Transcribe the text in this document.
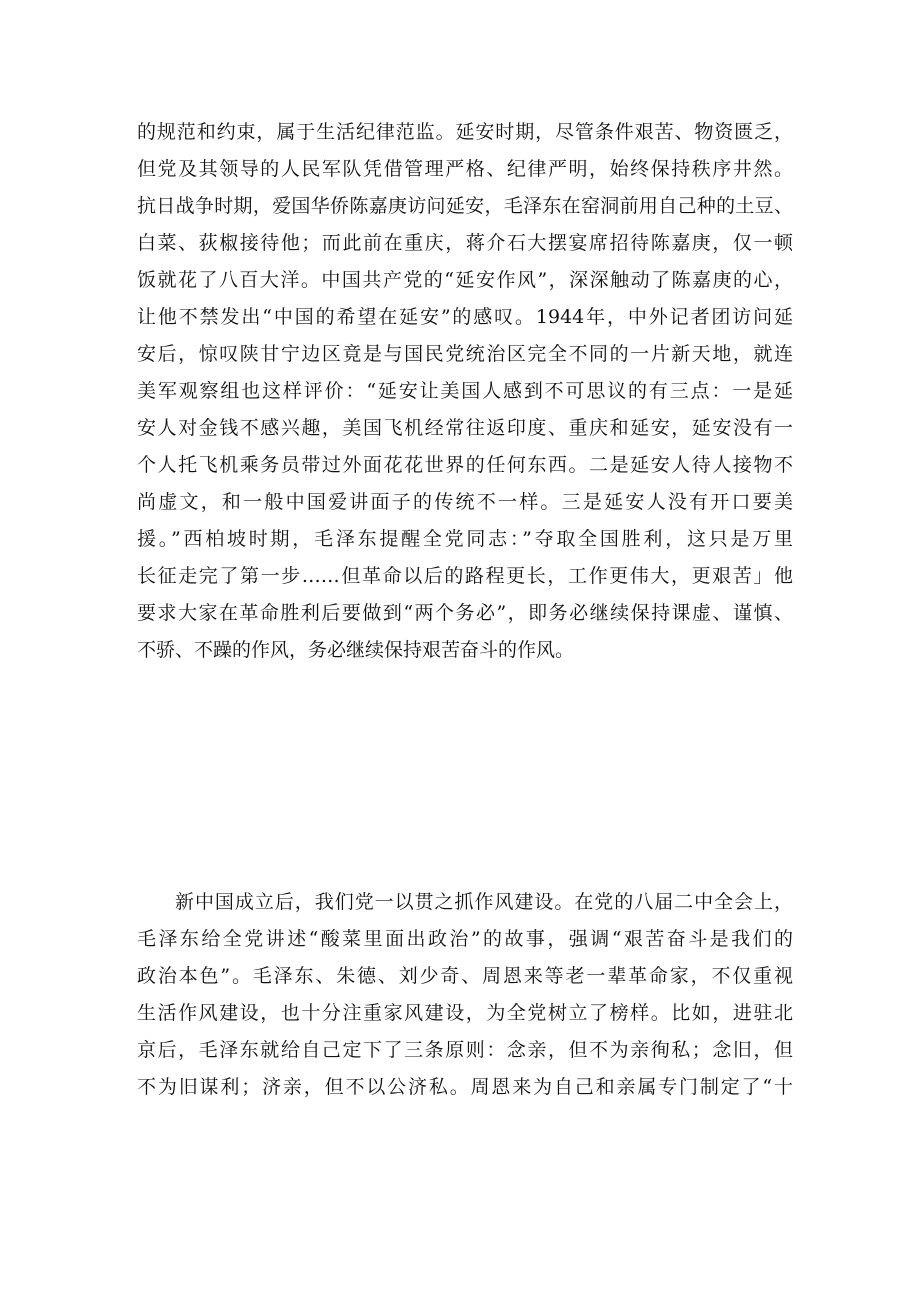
的规范和约束，属于生活纪律范监。延安时期，尽管条件艰苦、物资匮乏，
但党及其领导的人民军队凭借管理严格、纪律严明，始终保持秩序井然。
抗日战争时期，爱国华侨陈嘉庚访问延安，毛泽东在窑洞前用自己种的土豆、
白菜、荻椒接待他；而此前在重庆，蒋介石大摆宴席招待陈嘉庚，仅一顿
饭就花了八百大洋。中国共产党的“延安作风”，深深触动了陈嘉庚的心，
让他不禁发出“中国的希望在延安”的感叹。1944年，中外记者团访问延
安后，惊叹陕甘宁边区竟是与国民党统治区完全不同的一片新天地，就连
美军观察组也这样评价：“延安让美国人感到不可思议的有三点：一是延
安人对金钱不感兴趣，美国飞机经常往返印度、重庆和延安，延安没有一
个人托飞机乘务员带过外面花花世界的任何东西。二是延安人待人接物不
尚虚文，和一般中国爱讲面子的传统不一样。三是延安人没有开口要美
援。”西柏坡时期，毛泽东提醒全党同志：”夺取全国胜利，这只是万里
长征走完了第一步……但革命以后的路程更长，工作更伟大，更艰苦」他
要求大家在革命胜利后要做到“两个务必”，即务必继续保持课虚、谨慎、
不骄、不躁的作风，务必继续保持艰苦奋斗的作风。
新中国成立后，我们党一以贯之抓作风建设。在党的八届二中全会上，
毛泽东给全党讲述“酸菜里面出政治”的故事，强调“艰苦奋斗是我们的
政治本色”。毛泽东、朱德、刘少奇、周恩来等老一辈革命家，不仅重视
生活作风建设，也十分注重家风建设，为全党树立了榜样。比如，进驻北
京后，毛泽东就给自己定下了三条原则：念亲，但不为亲徇私；念旧，但
不为旧谋利；济亲，但不以公济私。周恩来为自己和亲属专门制定了“十
